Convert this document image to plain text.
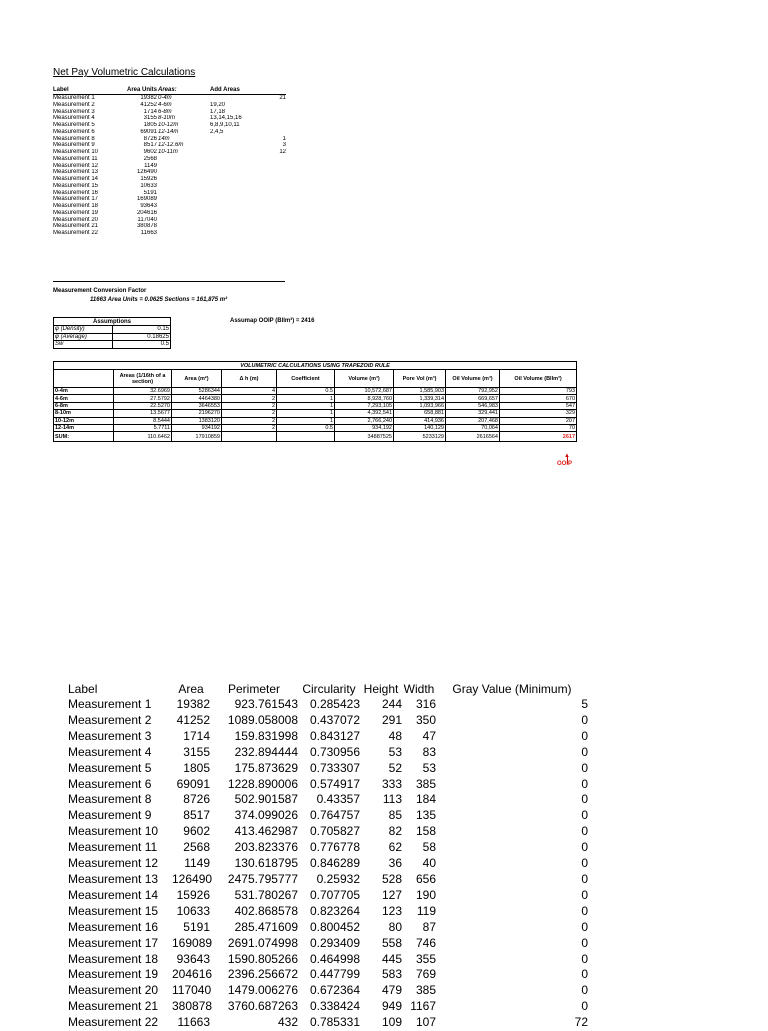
Net Pay Volumetric Calculations
Label	Area Units	Areas:	Add Areas
Measurement 1	19382	0-4m	21

Measurement 2	41252	4-6m	19,20

Measurement 3	1714	6-8m	17,18

Measurement 4	3155	8-10m	13,14,15,16

Measurement 5	1805	10-12m	6,8,9,10,11

Measurement 6	69091	12-14m	2,4,5

Measurement 8	8726	14m	1

Measurement 9	8517	12-12.6m	3

Measurement 10	9602	10-11m	12

Measurement 11	2568		

Measurement 12	1149		

Measurement 13	126490		

Measurement 14	15926		

Measurement 15	10633		

Measurement 16	5191		

Measurement 17	169089		

Measurement 18	93643		

Measurement 19	204616		

Measurement 20	117040		

Measurement 21	380878		

Measurement 22	11663		
Measurement Conversion Factor
11663 Area Units = 0.0625 Sections = 161,875 m²
Assumptions	
φ (Density)	0.15
φ (Average)	0.18625
Sw	0.5
Assumap OOIP (Bllm³) = 2416
VOLUMETRIC CALCULATIONS USING TRAPEZOID RULE								
	Areas (1/16th of a section)	Area (m²)	Δ h (m)	Coefficient	Volume (m³)	Pore Vol (m³)	Oil Volume (m³)	Oil Volume (Bllm³)
0-4m	32.6969	5286344	4	0.5	10,572,687	1,585,903	792,952	793
4-6m	27.5792	4464380	2	1	8,928,760	1,339,314	669,657	670
6-8m	22.5270	3646553	2	1	7,293,105	1,093,966	546,983	547
8-10m	13.5677	2196270	2	1	4,392,541	658,881	329,441	329
10-12m	8.5444	1383120	2	1	2,766,240	414,936	207,468	207
12-14m	5.7711	934192	2	0.5	934,192	140,129	70,064	70
SUM:	110.6462	17910859			34887525	5233129	2616564	2617
▲
OOIP
Label	Area	Perimeter	Circularity	Height	Width	Gray Value (Minimum)
Measurement 1	19382	923.761543	0.285423	244	316	5
Measurement 2	41252	1089.058008	0.437072	291	350	0
Measurement 3	1714	159.831998	0.843127	48	47	0
Measurement 4	3155	232.894444	0.730956	53	83	0
Measurement 5	1805	175.873629	0.733307	52	53	0
Measurement 6	69091	1228.890006	0.574917	333	385	0
Measurement 8	8726	502.901587	0.43357	113	184	0
Measurement 9	8517	374.099026	0.764757	85	135	0
Measurement 10	9602	413.462987	0.705827	82	158	0
Measurement 11	2568	203.823376	0.776778	62	58	0
Measurement 12	1149	130.618795	0.846289	36	40	0
Measurement 13	126490	2475.795777	0.25932	528	656	0
Measurement 14	15926	531.780267	0.707705	127	190	0
Measurement 15	10633	402.868578	0.823264	123	119	0
Measurement 16	5191	285.471609	0.800452	80	87	0
Measurement 17	169089	2691.074998	0.293409	558	746	0
Measurement 18	93643	1590.805266	0.464998	445	355	0
Measurement 19	204616	2396.256672	0.447799	583	769	0
Measurement 20	117040	1479.006276	0.672364	479	385	0
Measurement 21	380878	3760.687263	0.338424	949	1167	0
Measurement 22	11663	432	0.785331	109	107	72
